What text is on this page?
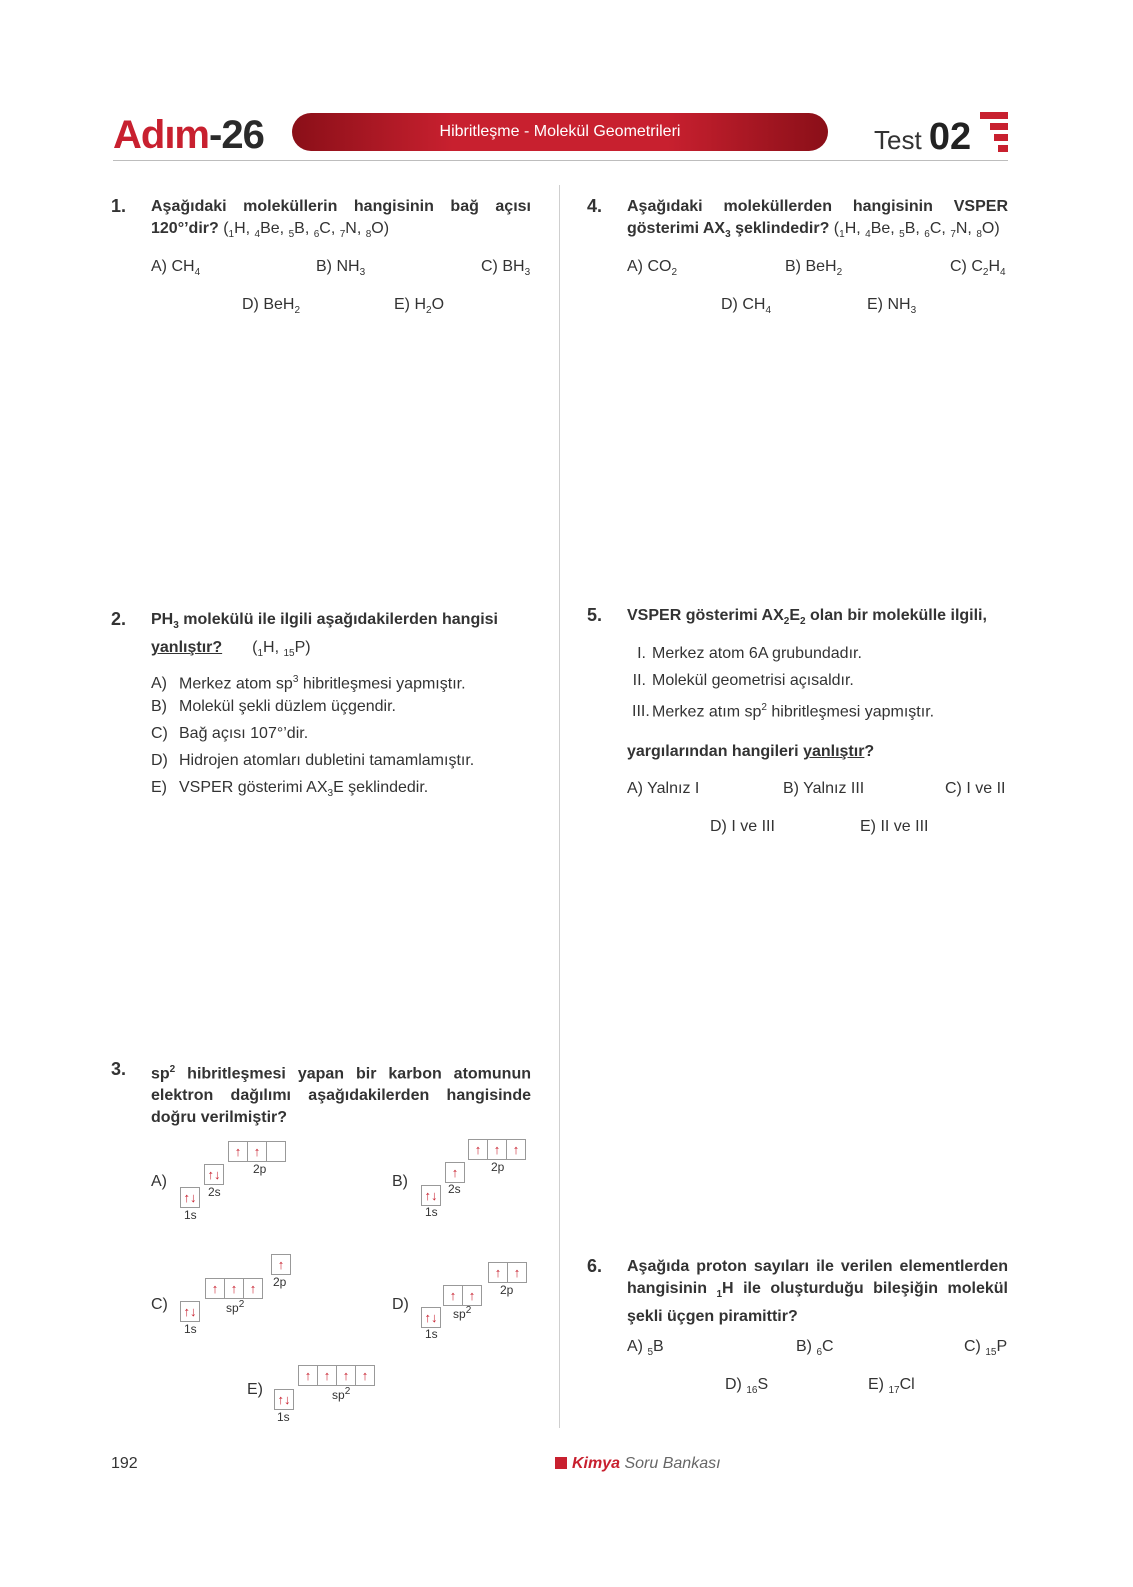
Adım-26	Hibritleşme - Molekül Geometrileri	Test 02
1. Aşağıdaki moleküllerin hangisinin bağ açısı 120°’dir? ($_1H$, $_4$Be, $_5$B, $_6$C, $_7$N, $_8$O)
A) $CH_4$	B) $NH_3$	C) $BH_3$
D) BeH$_2$	E) $H_2O$
2. $PH_3$ molekülü ile ilgili aşağıdakilerden hangisi
yanlıştır? ($_1H$, $_{15}$P)
A) Merkez atom $sp^3$ hibritleşmesi yapmıştır.
B) Molekül şekli düzlem üçgendir.
C) Bağ açısı 107°’dir.
D) Hidrojen atomları dubletini tamamlamıştır.
E) VSPER gösterimi $AX_3E$ şeklindedir.
3. $sp^2$ hibritleşmesi yapan bir karbon atomunun elektron dağılımı aşağıdakilerden hangisinde doğru verilmiştir?
A)
↑↓
1s
↑↓
2s
↑ ↑
2p
B)
↑↓
1s
↑
2s
↑ ↑ ↑
2p
C) ↑↓
1s
↑ ↑ ↑
$sp^2$
↑
2p
D)
↑↓
1s
↑ ↑
$sp^2$
↑ ↑
2p
E)
↑↓
1s
↑ ↑ ↑ ↑
$sp^2$
4. Aşağıdaki moleküllerden hangisinin VSPER gösterimi $AX_3$ şeklindedir? ($_1H$, $_4$Be, $_5$B, $_6$C, $_7$N, $_8$O)
A) $CO_2$	B) BeH$_2$	C) $C_2H_4$
D) $CH_4$	E) $NH_3$
5. VSPER gösterimi $AX_2E_2$ olan bir molekülle ilgili,
I. Merkez atom 6A grubundadır.
II. Molekül geometrisi açısaldır.
III. Merkez atım $sp^2$ hibritleşmesi yapmıştır.
yargılarından hangileri yanlıştır?
A) Yalnız I	B) Yalnız III	C) I ve II
D) I ve III	E) II ve III
6. Aşağıda proton sayıları ile verilen elementlerden hangisinin $_1$H ile oluşturduğu bileşiğin molekül şekli üçgen piramittir?
A) $_5$B	B) $_6$C	C) $_{15}$P
D) $_{16}$S	E) $_{17}$Cl
192	Kimya Soru Bankası
